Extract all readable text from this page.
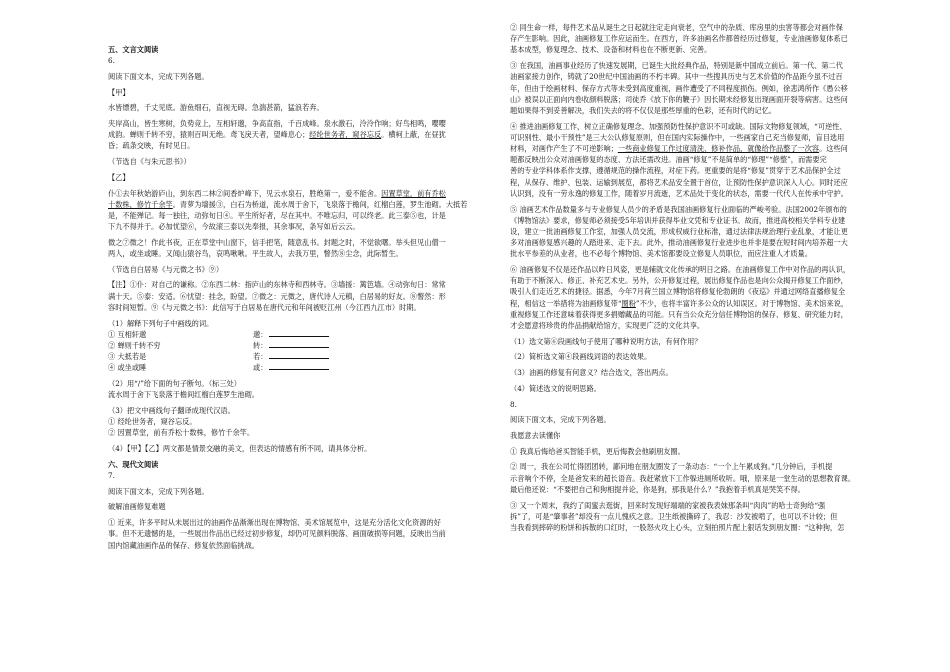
五、文言文阅读
6.
阅读下面文本，完成下列各题。
【甲】
水皆缥碧，千丈见底。游鱼细石，直视无碍。急湍甚箭，猛浪若奔。
夹岸高山，皆生寒树，负势竞上，互相轩邈，争高直指，千百成峰。泉水激石，泠泠作响；好鸟相鸣，嘤嘤
成韵。蝉则千转不穷，猿则百叫无绝。鸢飞戾天者，望峰息心；经纶世务者，窥谷忘反。横柯上蔽，在昼犹
昏；疏条交映，有时见日。
（节选自《与朱元思书》）
【乙】
仆①去年秋始游庐山，到东西二林②间香炉峰下，见云水泉石，胜绝第一，爱不能舍。因置草堂，前有乔松
十数株，修竹千余竿。青萝为墙援③，白石为桥道，流水周于舍下，飞泉落于檐间，红榴白莲，罗生池砌。大抵若
是，不能殚记。每一独往，动弥旬日④。平生所好者，尽在其中。不唯忘归，可以终老。此三泰⑤也，计是
下九不得并于。必加忧望⑥，今故滚三泰以先奉报，其余事况，条写如后云云。
微之⑦微之！作此书夜，正在草堂中山窗下，信手把笔，随意乱书。封题之时，不觉欲曙。举头但见山僧一
两人，或坐或睡。又闻山猿谷鸟，哀鸣啾啾。平生故人，去我万里，瞥然⑧尘念，此际暂生。
（节选自白居易《与元微之书》⑨）
【注】①仆：对自己的谦称。②东西二林：指庐山的东林寺和西林寺。③墙援：篱笆墙。④动弥旬日：常常
满十天。⑤泰：安适。⑥忧望：挂念，盼望。⑦微之：元微之，唐代诗人元稹，白居易的好友。⑧瞥然：形
容时间短暂。⑨《与元微之书》：此信写于白居易在唐代元和年间被贬江州（今江西九江市）时期。
（1）解释下列句子中画线的词。
① 互相轩邈	邈：
② 蝉则千转不穷	转：
③ 大抵若是	若：
④ 或坐或睡	或：
（2）用“/”给下面的句子断句。（标三处）
流水周于舍下飞泉落于檐间红榴白莲罗生池砌。
（3）把文中画线句子翻译成现代汉语。
① 经纶世务者，窥谷忘反。
② 因置草堂，前有乔松十数株，修竹千余竿。
（4）【甲】【乙】两文都是情景交融的美文，但表达的情感有所不同，请具体分析。
六、现代文阅读
7.
阅读下面文本，完成下列各题。
破解油画修复难题
① 近来，许多平时从未展出过的油画作品渐渐出现在博物馆、美术馆展览中，这是充分活化文化资源的好
事。但不无遗憾的是，一些展出作品出已经过初步修复，却仍可见颜料脱落、画面破损等问题，反映出当前
国内馆藏油画作品的保存、修复依然面临挑战。
② 同生命一样，每件艺术品从诞生之日起就注定走向衰老，空气中的杂质、库房里的虫害等都会对画作保
存产生影响。因此，油画修复工作应运而生。在西方，许多油画名作都曾经历过修复，专业油画修复体系已
基本成型，修复理念、技术、设备和材料也在不断更新、完善。
③ 在我国，油画事业经历了快速发展期，已诞生大批经典作品，特别是新中国成立前后。第一代、第二代
油画家接力创作，铸就了20世纪中国油画的不朽丰碑。其中一些搜具历史与艺术价值的作品距今虽不过百
年，但由于绘画材料、保存方式等未受到高度重视，画作遭受了不同程度损伤。例如，徐悲鸿所作《愚公移
山》被误以正面向内卷收颜料脱落；司徒乔《放下你的鞭子》因长期未经修复出现画面开裂等病害。这些问
题如果得不到妥善解决，我们失去的将不仅仅是那些厚重的色彩，还有时代的记忆。
④ 推进油画修复工作，树立正确修复理念、加强预防性保护意识不可或缺。国际文物修复领域，“可逆性、
可识别性、最小干预性”是三大公认修复原则，但在国内实际操作中，一些画家自己充当修复师，盲目选用
材料，对画作产生了不可逆影响；一些商业修复工作过度清洗、修补作品，就像给作品整了一次容。这些问
题都反映出公众对油画修复的态度、方法还需改进。油画“修复”不是简单的“修理”“修整”，而需要完
善的专业学科体系作支撑，遵循规范的操作流程，对症下药。更重要的是将“修复”贯穿于艺术品保护全过
程，从保存、维护、包装、运输到展览，都将艺术品安全置于首位，让预防性保护意识深入人心。同时还应
认识到，没有一劳永逸的修复工作，随着岁月流逝，艺术品处于变化的状态，需要一代代人在传承中守护。
⑤ 油画艺术作品数量多与专业修复人员少的矛盾是我国油画修复行业面临的严峻考验。法国2002年颁布的
《博物馆法》要求，修复师必须接受5年培训并获得毕业文凭和专业证书。故而，推进高校相关学科专业建
设，建立一批油画修复工作室，加强人员交流，形成权威行业标准，通过法律法规治理行业乱象，才能让更
多对油画修复感兴趣的人踏进来、走下去。此外，推动油画修复行业进步也并非是要在短时间内培养超一大
批水平参差的从业者，也不必每个博物馆、美术馆都要设立修复人员职位，而应注重人才质量。
⑥ 油画修复不仅是还作品以昨日风姿，更是辅就文化传承的明日之路。在油画修复工作中对作品的再认识，
有助于不断深入、修正、补充艺术史。另外，公开修复过程，展出修复作品也是向公众揭开修复工作面纱，
吸引人们走近艺术的捷径。据悉，今年7月荷兰国立博物馆将修复伦勃朗的《夜巡》并通过网络直播修复全
程，相信这一举措将为油画修复带“圈粉”不少，也将丰富许多公众的认知误区。对于博物馆、美术馆来说，
重视修复工作还意味着获得更多捐赠藏品的可能。只有当公众充分信任博物馆的保存、修复、研究能力时，
才会愿意将珍贵的作品捐献给馆方，实现更广泛的文化共享。
（1）选文第⑥段画线句子使用了哪种说明方法，有何作用？
（2）简析选文第④段画线词语的表达效果。
（3）油画的修复有何意义？结合选文，答出两点。
（4）简述选文的说明思路。
8.
阅读下面文本，完成下列各题。
我愿意去读懂你
① 我真后悔给爸买智能手机，更后悔教会他刷朋友圈。
② 周一，我在公司忙得团团转，鄙问地在朋友圈发了一条动态：“一个上午累成狗。”几分钟后，手机提
示音响个不停，全是爸发来的超长语音。我赶紧放下工作躲进厕所收听。哦，原来是一堂生动的思想教育课。
最后他还说：“不要把自己和狗相提并论，你是狗，那我是什么？”我抱着手机真是哭笑不得。
③ 又一个周末，我约了闺蜜去逛街，回来时发现好端端的家被我表妹那条叫“肉肉”的哈士奇狗给“强
拆”了，可是“肇事者”却没有一点儿愧疚之意。卫生纸被撕碎了，我忍：沙发被啃了，也可以不计较；但
当我看到摔碎的粉饼和拆散的口红时，一股怒火攻上心头，立刻拍照片配上狠话发到朋友圈：“这种狗，怎
